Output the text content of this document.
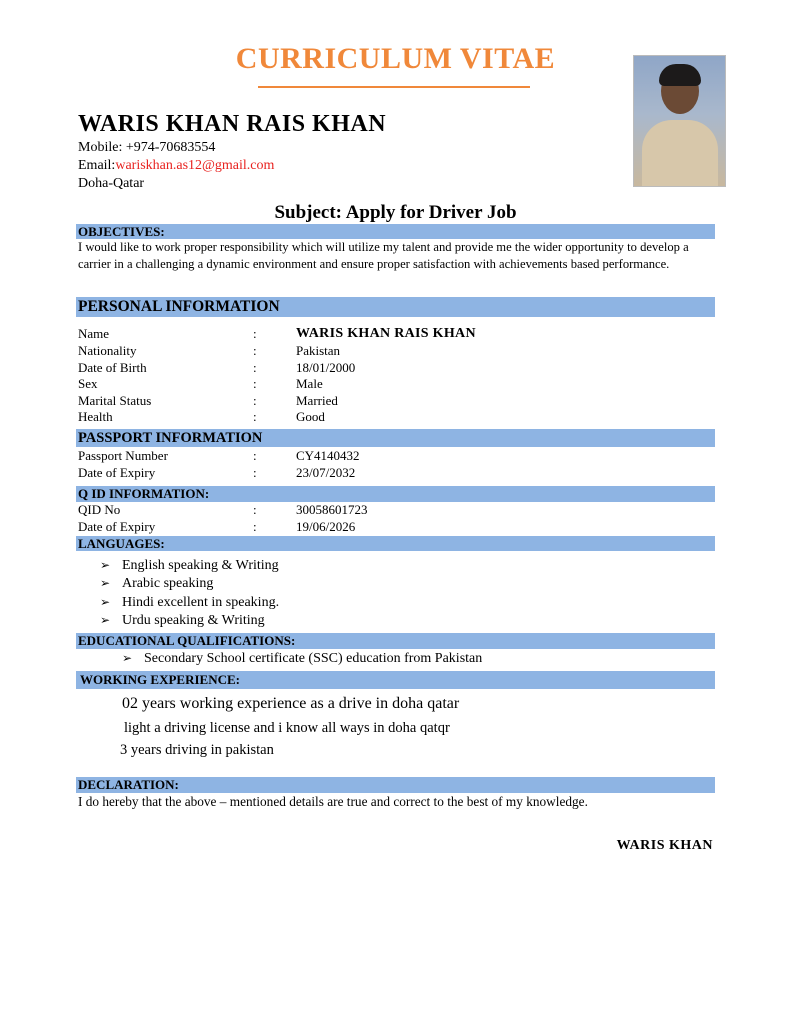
CURRICULUM VITAE
WARIS KHAN RAIS KHAN
Mobile: +974-70683554
Email:wariskhan.as12@gmail.com
Doha-Qatar
Subject: Apply for Driver Job
OBJECTIVES:
I would like to work proper responsibility which will utilize my talent and provide me the wider opportunity to develop a carrier in a challenging a dynamic environment and ensure proper satisfaction with achievements based performance.
PERSONAL INFORMATION
Name	:	WARIS KHAN RAIS KHAN
Nationality	:	Pakistan
Date of Birth	:	18/01/2000
Sex	:	Male
Marital Status	:	Married
Health	:	Good
PASSPORT INFORMATION
Passport Number	:	CY4140432
Date of Expiry	:	23/07/2032
Q ID INFORMATION:
QID No	:	30058601723
Date of Expiry	:	19/06/2026
LANGUAGES:
➢ English speaking & Writing
➢ Arabic speaking
➢ Hindi excellent in speaking.
➢ Urdu speaking & Writing
EDUCATIONAL QUALIFICATIONS:
➢ Secondary School certificate (SSC) education from Pakistan
WORKING EXPERIENCE:
02 years working experience as a drive in doha qatar
light a driving license and i know all ways in doha qatqr
3 years driving in pakistan
DECLARATION:
I do hereby that the above – mentioned details are true and correct to the best of my knowledge.
WARIS KHAN
